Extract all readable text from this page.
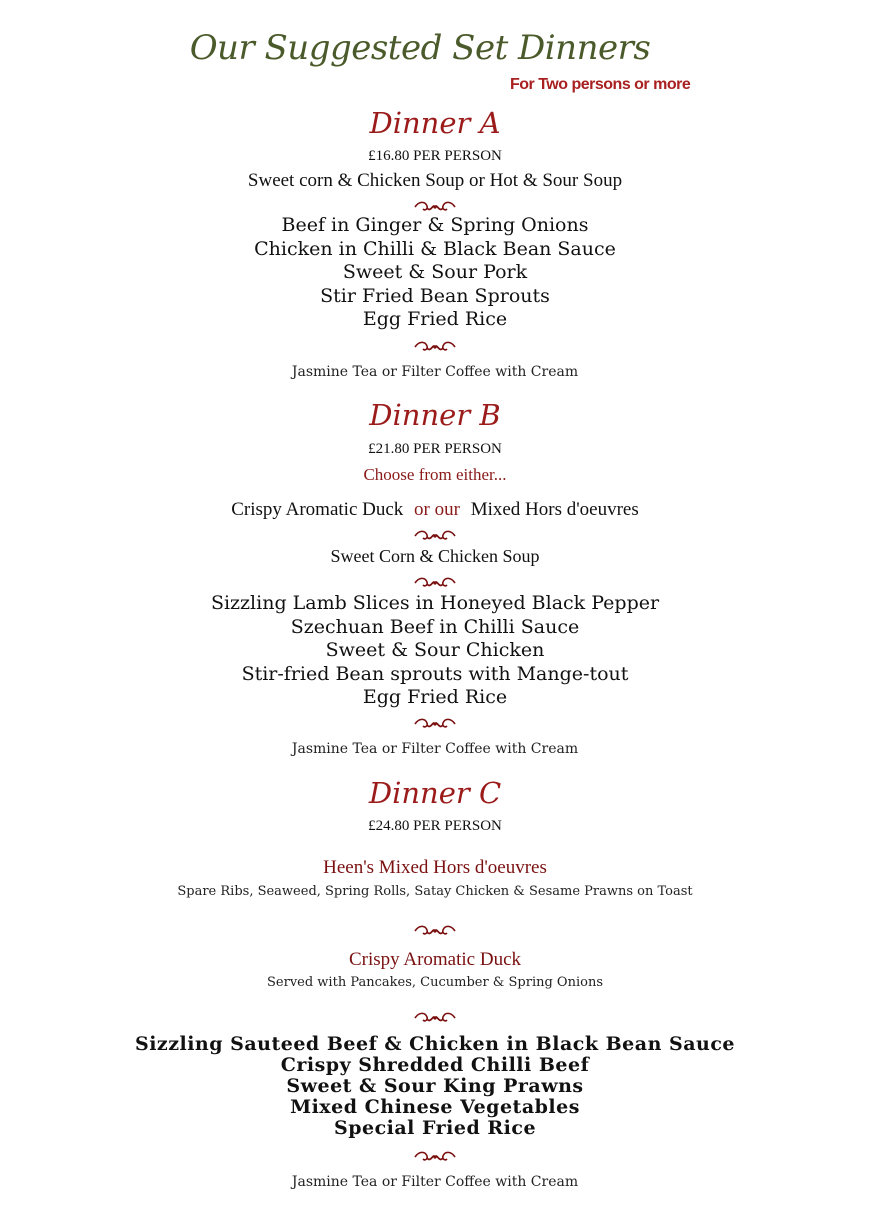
Our Suggested Set Dinners
For Two persons or more
Dinner A
£16.80 PER PERSON
Sweet corn & Chicken Soup or Hot & Sour Soup
Beef in Ginger & Spring Onions
Chicken in Chilli & Black Bean Sauce
Sweet & Sour Pork
Stir Fried Bean Sprouts
Egg Fried Rice
Jasmine Tea or Filter Coffee with Cream
Dinner B
£21.80 PER PERSON
Choose from either...
Crispy Aromatic Duck or our Mixed Hors d'oeuvres
Sweet Corn & Chicken Soup
Sizzling Lamb Slices in Honeyed Black Pepper
Szechuan Beef in Chilli Sauce
Sweet & Sour Chicken
Stir-fried Bean sprouts with Mange-tout
Egg Fried Rice
Jasmine Tea or Filter Coffee with Cream
Dinner C
£24.80 PER PERSON
Heen's Mixed Hors d'oeuvres
Spare Ribs, Seaweed, Spring Rolls, Satay Chicken & Sesame Prawns on Toast
Crispy Aromatic Duck
Served with Pancakes, Cucumber & Spring Onions
Sizzling Sauteed Beef & Chicken in Black Bean Sauce
Crispy Shredded Chilli Beef
Sweet & Sour King Prawns
Mixed Chinese Vegetables
Special Fried Rice
Jasmine Tea or Filter Coffee with Cream
